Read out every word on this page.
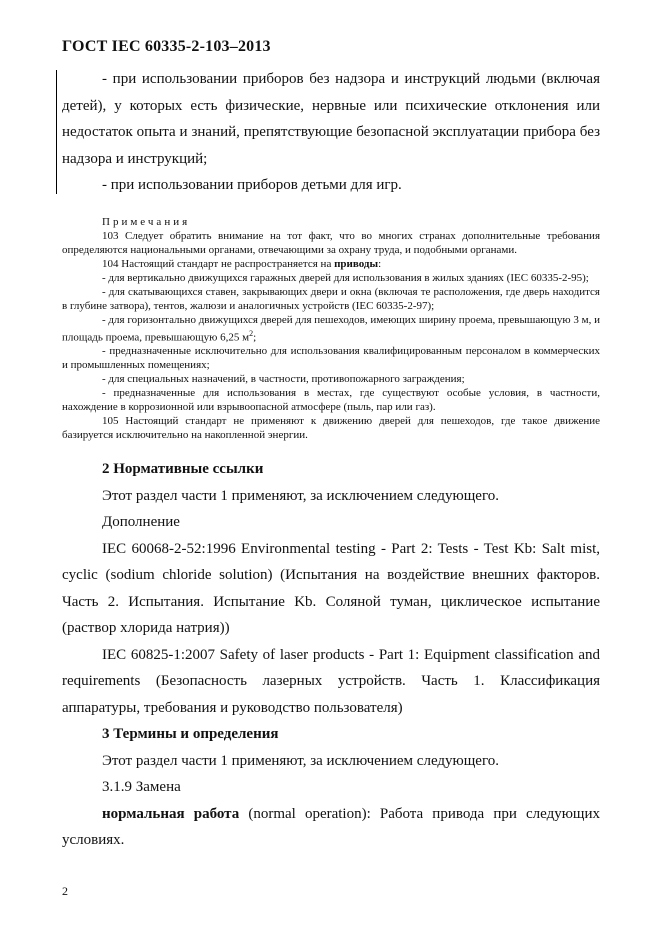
ГОСТ IEC 60335-2-103–2013

- при использовании приборов без надзора и инструкций людьми (включая детей), у которых есть физические, нервные или психические отклонения или недостаток опыта и знаний, препятствующие безопасной эксплуатации прибора без надзора и инструкций;

- при использовании приборов детьми для игр.

Примечания

103 Следует обратить внимание на тот факт, что во многих странах дополнительные требования определяются национальными органами, отвечающими за охрану труда, и подобными органами.

104 Настоящий стандарт не распространяется на приводы:

- для вертикально движущихся гаражных дверей для использования в жилых зданиях (IEC 60335-2-95);

- для скатывающихся ставен, закрывающих двери и окна (включая те расположения, где дверь находится в глубине затвора), тентов, жалюзи и аналогичных устройств (IEC 60335-2-97);

- для горизонтально движущихся дверей для пешеходов, имеющих ширину проема, превышающую 3 м, и площадь проема, превышающую 6,25 $м^2$;

- предназначенные исключительно для использования квалифицированным персоналом в коммерческих и промышленных помещениях;

- для специальных назначений, в частности, противопожарного заграждения;

- предназначенные для использования в местах, где существуют особые условия, в частности, нахождение в коррозионной или взрывоопасной атмосфере (пыль, пар или газ).

105 Настоящий стандарт не применяют к движению дверей для пешеходов, где такое движение базируется исключительно на накопленной энергии.

2 Нормативные ссылки

Этот раздел части 1 применяют, за исключением следующего.

Дополнение

IEC 60068-2-52:1996 Environmental testing - Part 2: Tests - Test Kb: Salt mist, cyclic (sodium chloride solution) (Испытания на воздействие внешних факторов. Часть 2. Испытания. Испытание Kb. Соляной туман, циклическое испытание (раствор хлорида натрия))

IEC 60825-1:2007 Safety of laser products - Part 1: Equipment classification and requirements (Безопасность лазерных устройств. Часть 1. Классификация аппаратуры, требования и руководство пользователя)

3 Термины и определения

Этот раздел части 1 применяют, за исключением следующего.

3.1.9 Замена

нормальная работа (normal operation): Работа привода при следующих условиях.

2
